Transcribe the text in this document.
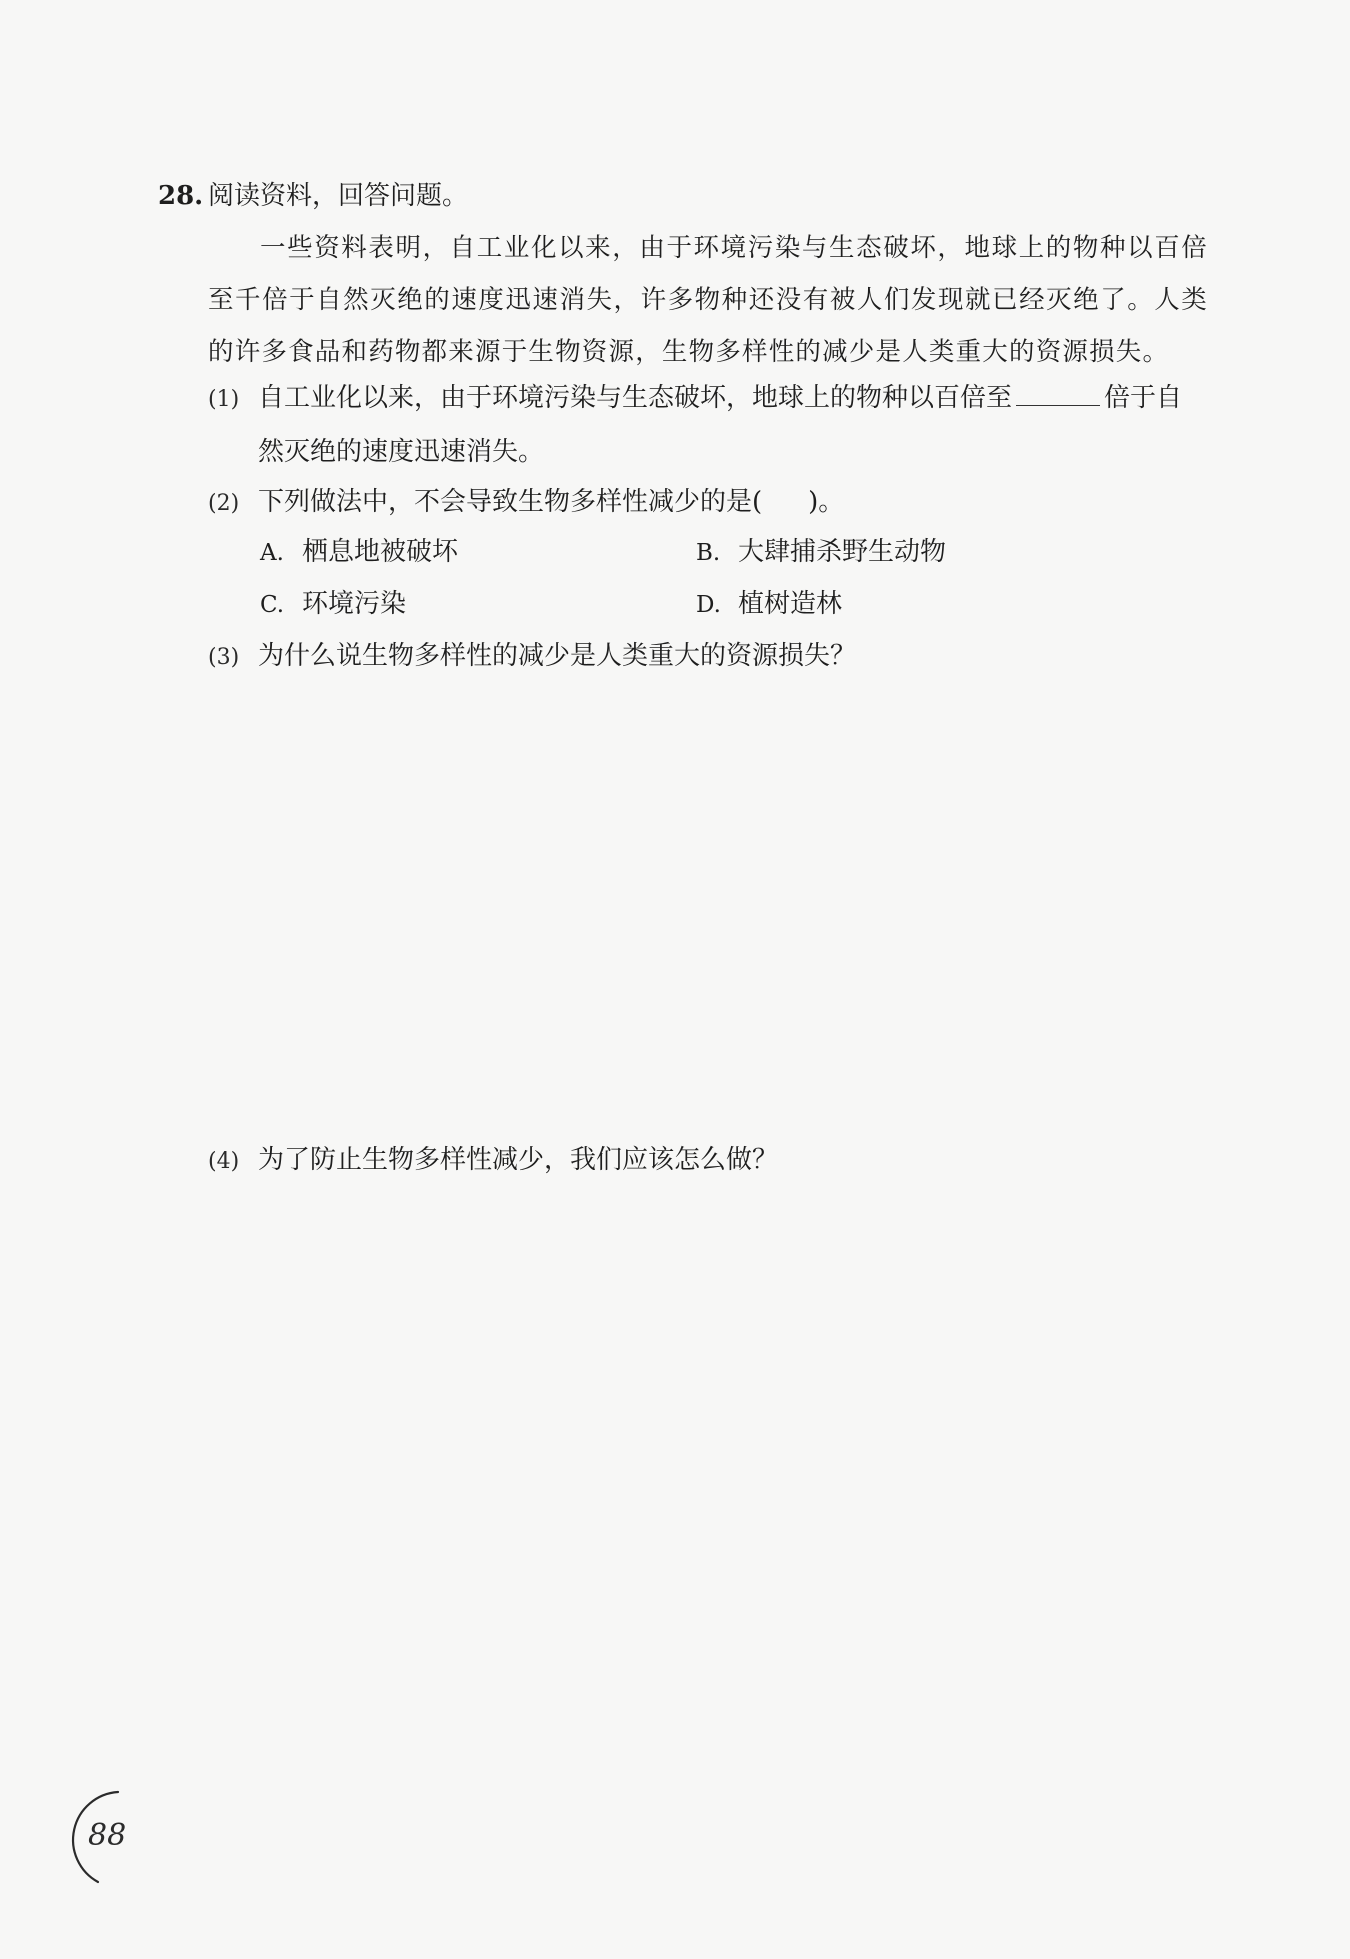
28. 阅读资料，回答问题。

一些资料表明，自工业化以来，由于环境污染与生态破坏，地球上的物种以百倍至千倍于自然灭绝的速度迅速消失，许多物种还没有被人们发现就已经灭绝了。人类的许多食品和药物都来源于生物资源，生物多样性的减少是人类重大的资源损失。

(1) 自工业化以来，由于环境污染与生态破坏，地球上的物种以百倍至	倍于自
然灭绝的速度迅速消失。
(2) 下列做法中，不会导致生物多样性减少的是( )。
A. 栖息地被破坏	B. 大肆捕杀野生动物
C. 环境污染	D. 植树造林
(3) 为什么说生物多样性的减少是人类重大的资源损失？
(4) 为了防止生物多样性减少，我们应该怎么做？
88
